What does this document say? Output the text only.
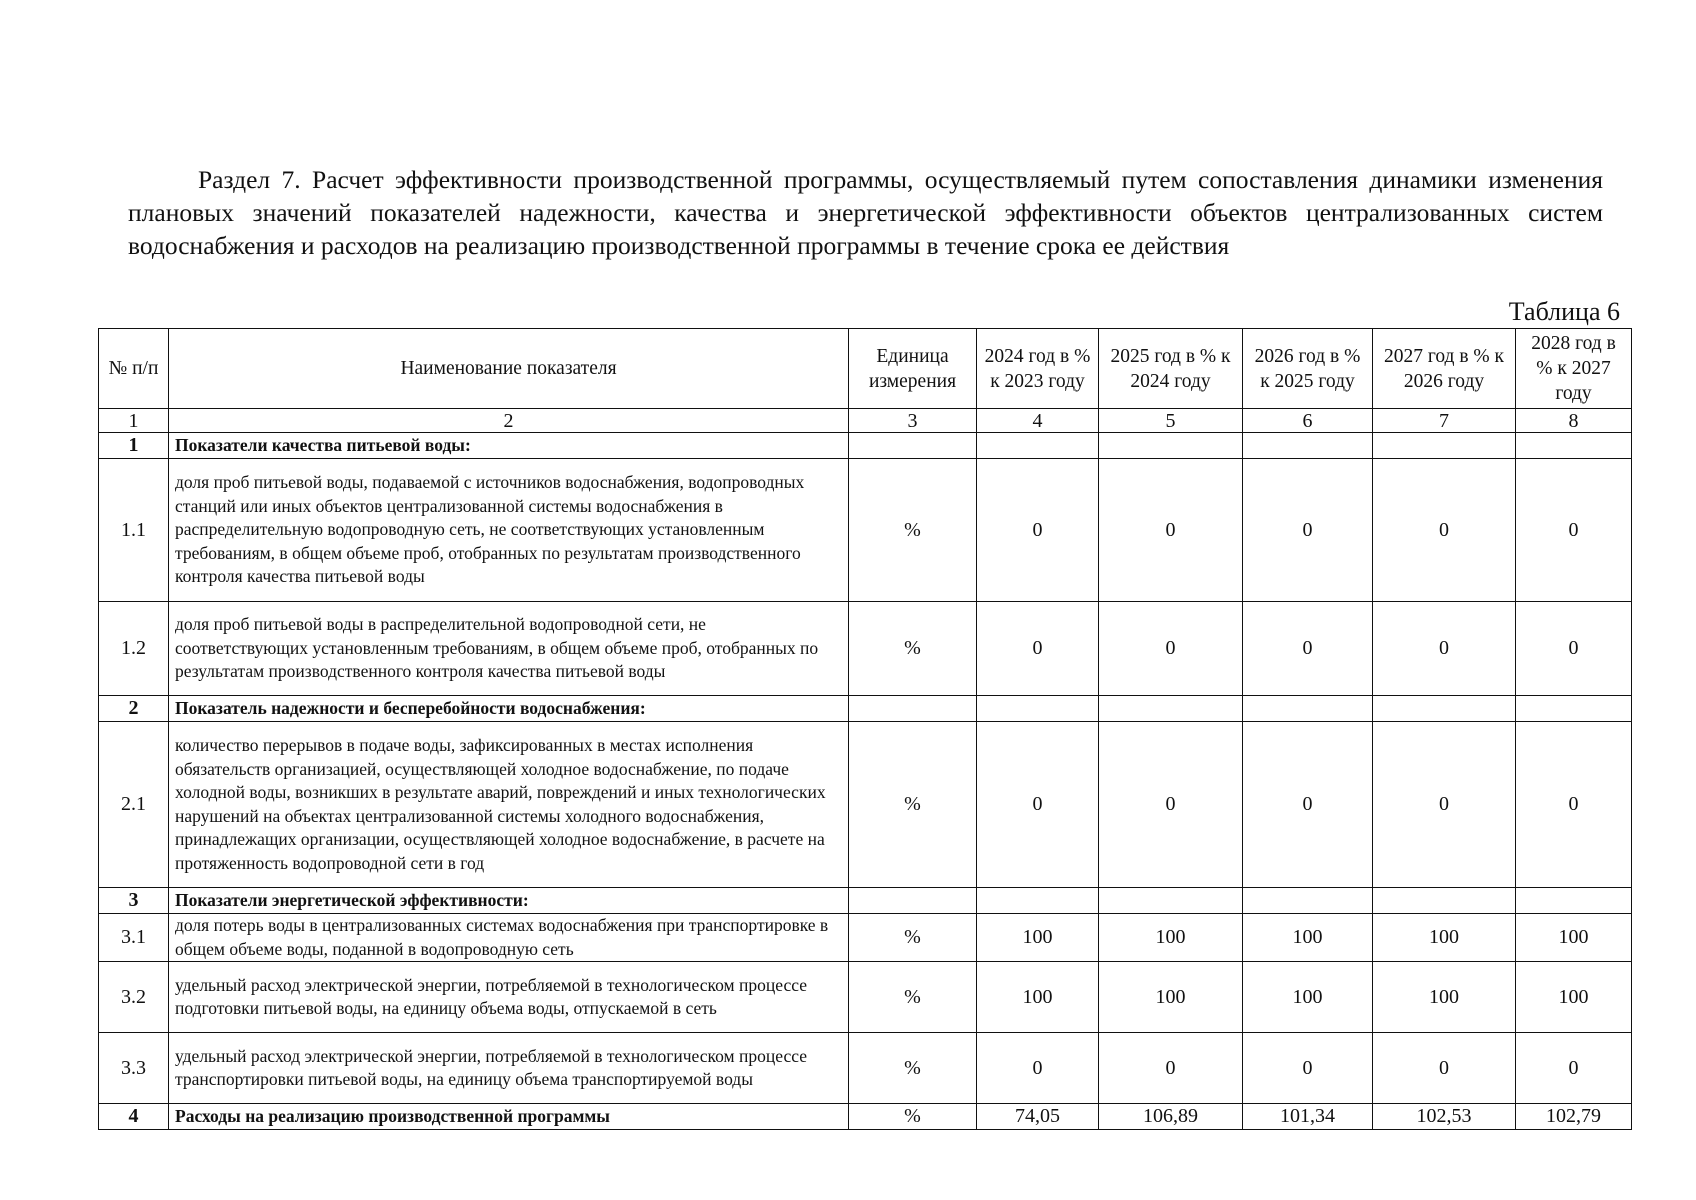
Раздел 7. Расчет эффективности производственной программы, осуществляемый путем сопоставления динамики изменения плановых значений показателей надежности, качества и энергетической эффективности объектов централизованных систем водоснабжения и расходов на реализацию производственной программы в течение срока ее действия

Таблица 6
№ п/п	Наименование показателя	Единица измерения	2024 год в % к 2023 году	2025 год в % к 2024 году	2026 год в % к 2025 году	2027 год в % к 2026 году	2028 год в % к 2027 году
1	2	3	4	5	6	7	8
1	Показатели качества питьевой воды:						
1.1	доля проб питьевой воды, подаваемой с источников водоснабжения, водопроводных станций или иных объектов централизованной системы водоснабжения в распределительную водопроводную сеть, не соответствующих установленным требованиям, в общем объеме проб, отобранных по результатам производственного контроля качества питьевой воды	%	0	0	0	0	0
1.2	доля проб питьевой воды в распределительной водопроводной сети, не соответствующих установленным требованиям, в общем объеме проб, отобранных по результатам производственного контроля качества питьевой воды	%	0	0	0	0	0
2	Показатель надежности и бесперебойности водоснабжения:						
2.1	количество перерывов в подаче воды, зафиксированных в местах исполнения обязательств организацией, осуществляющей холодное водоснабжение, по подаче холодной воды, возникших в результате аварий, повреждений и иных технологических нарушений на объектах централизованной системы холодного водоснабжения, принадлежащих организации, осуществляющей холодное водоснабжение, в расчете на протяженность водопроводной сети в год	%	0	0	0	0	0
3	Показатели энергетической эффективности:						
3.1	доля потерь воды в централизованных системах водоснабжения при транспортировке в общем объеме воды, поданной в водопроводную сеть	%	100	100	100	100	100
3.2	удельный расход электрической энергии, потребляемой в технологическом процессе подготовки питьевой воды, на единицу объема воды, отпускаемой в сеть	%	100	100	100	100	100
3.3	удельный расход электрической энергии, потребляемой в технологическом процессе транспортировки питьевой воды, на единицу объема транспортируемой воды	%	0	0	0	0	0
4	Расходы на реализацию производственной программы	%	74,05	106,89	101,34	102,53	102,79
